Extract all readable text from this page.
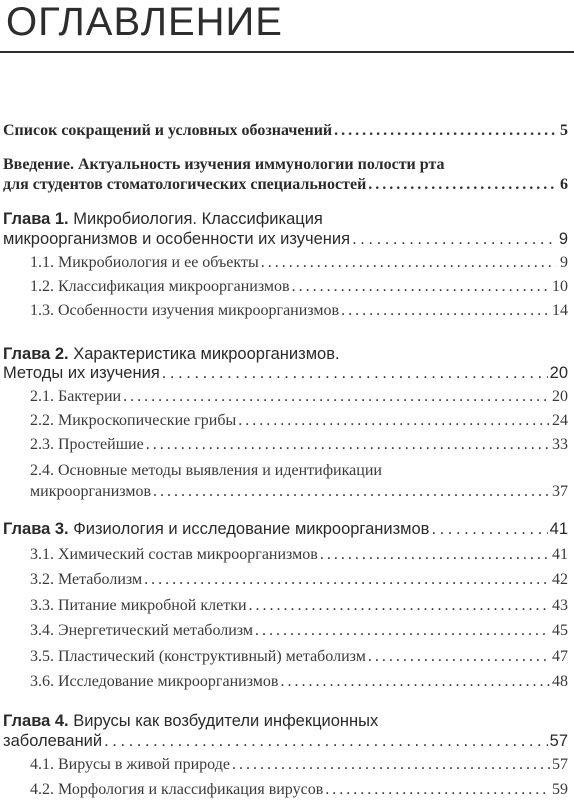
ОГЛАВЛЕНИЕ
Список сокращений и условных обозначений . . .	5
Введение. Актуальность изучения иммунологии полости рта
для студентов стоматологических специальностей . . .	6
Глава 1. Микробиология. Классификация
микроорганизмов и особенности их изучения . . .	9
1.1. Микробиология и ее объекты . . .	9
1.2. Классификация микроорганизмов . . .	10
1.3. Особенности изучения микроорганизмов . . .	14
Глава 2. Характеристика микроорганизмов.
Методы их изучения . . .	20
2.1. Бактерии . . .	20
2.2. Микроскопические грибы . . .	24
2.3. Простейшие . . .	33
2.4. Основные методы выявления и идентификации
микроорганизмов . . .	37
Глава 3. Физиология и исследование микроорганизмов . . .	41
3.1. Химический состав микроорганизмов . . .	41
3.2. Метаболизм . . .	42
3.3. Питание микробной клетки . . .	43
3.4. Энергетический метаболизм . . .	45
3.5. Пластический (конструктивный) метаболизм . . .	47
3.6. Исследование микроорганизмов . . .	48
Глава 4. Вирусы как возбудители инфекционных
заболеваний . . .	57
4.1. Вирусы в живой природе . . .	57
4.2. Морфология и классификация вирусов . . .	59
